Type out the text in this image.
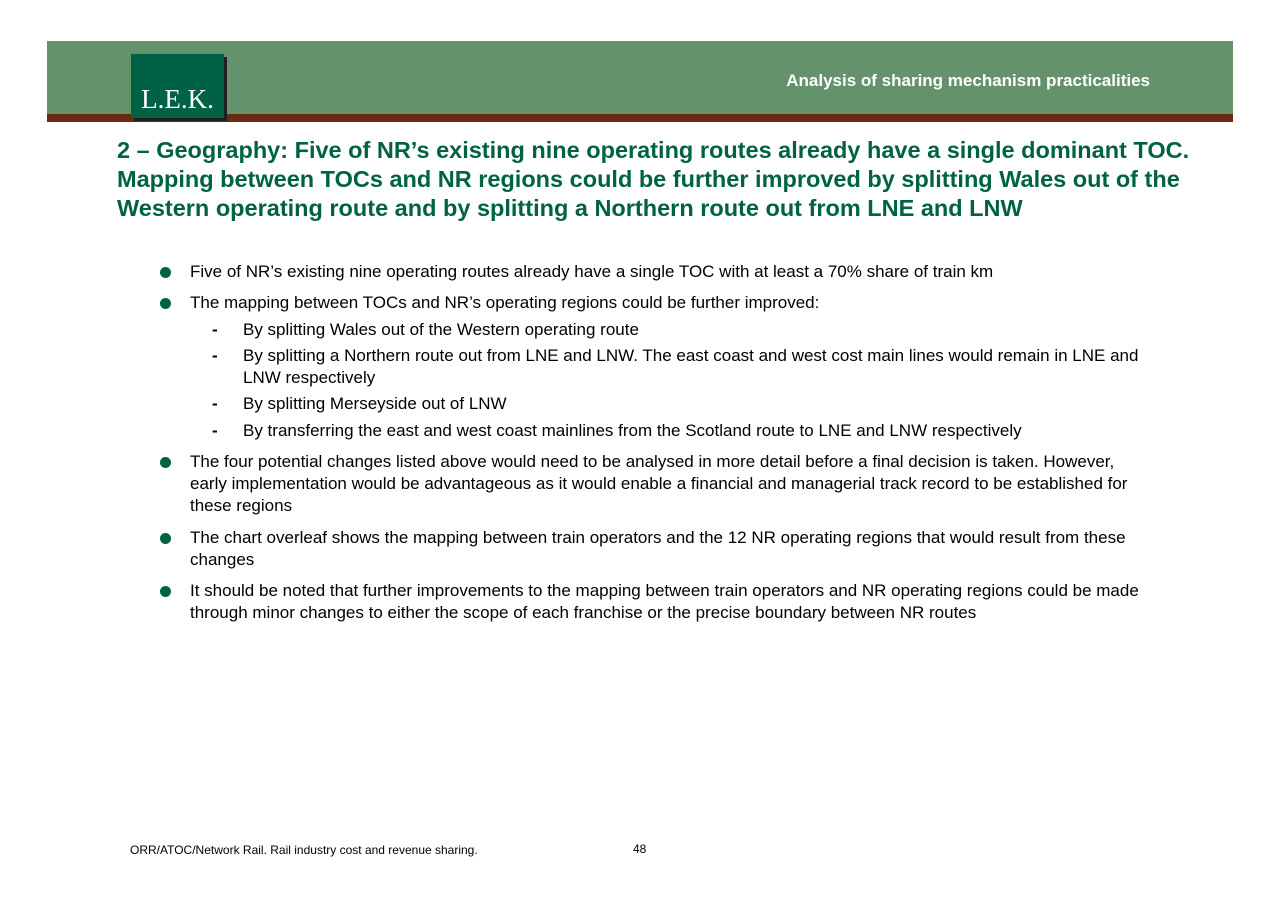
L.E.K.
Analysis of sharing mechanism practicalities
2 – Geography: Five of NR’s existing nine operating routes already have a single dominant TOC. Mapping between TOCs and NR regions could be further improved by splitting Wales out of the Western operating route and by splitting a Northern route out from LNE and LNW
Five of NR’s existing nine operating routes already have a single TOC with at least a 70% share of train km
The mapping between TOCs and NR’s operating regions could be further improved:
- By splitting Wales out of the Western operating route
- By splitting a Northern route out from LNE and LNW. The east coast and west cost main lines would remain in LNE and LNW respectively
- By splitting Merseyside out of LNW
- By transferring the east and west coast mainlines from the Scotland route to LNE and LNW respectively
The four potential changes listed above would need to be analysed in more detail before a final decision is taken. However, early implementation would be advantageous as it would enable a financial and managerial track record to be established for these regions
The chart overleaf shows the mapping between train operators and the 12 NR operating regions that would result from these changes
It should be noted that further improvements to the mapping between train operators and NR operating regions could be made through minor changes to either the scope of each franchise or the precise boundary between NR routes
ORR/ATOC/Network Rail. Rail industry cost and revenue sharing.	48
